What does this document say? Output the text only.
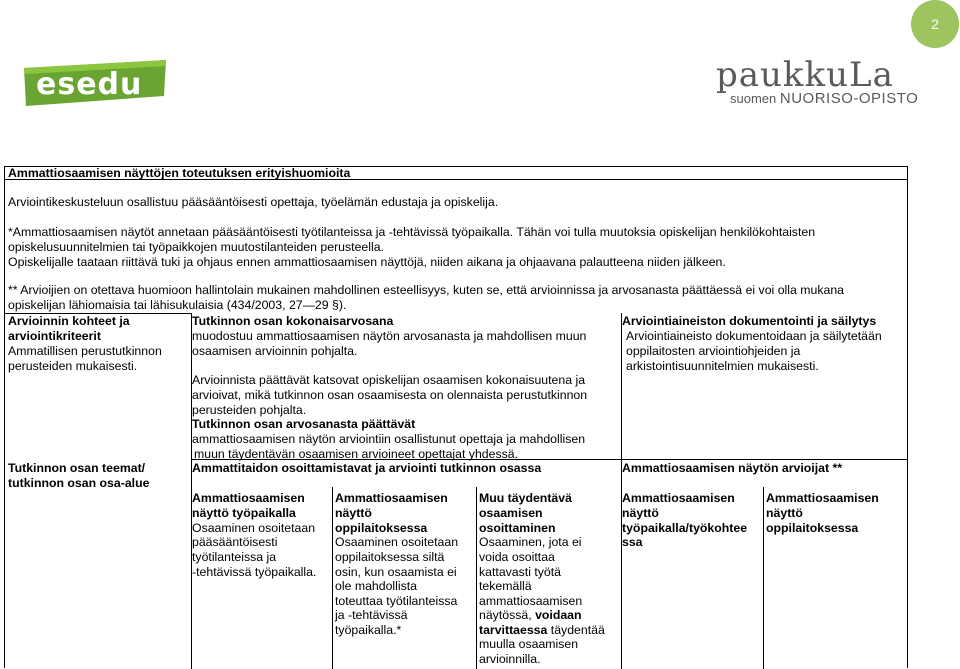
2
esedu	paukkuLa
suomen NUORISO-OPISTO
Ammattiosaamisen näyttöjen toteutuksen erityishuomioita
Arviointikeskusteluun osallistuu pääsääntöisesti opettaja, työelämän edustaja ja opiskelija.
*Ammattiosaamisen näytöt annetaan pääsääntöisesti työtilanteissa ja -tehtävissä työpaikalla. Tähän voi tulla muutoksia opiskelijan henkilökohtaisten
opiskelusuunnitelmien tai työpaikkojen muutostilanteiden perusteella.
Opiskelijalle taataan riittävä tuki ja ohjaus ennen ammattiosaamisen näyttöjä, niiden aikana ja ohjaavana palautteena niiden jälkeen.
** Arvioijien on otettava huomioon hallintolain mukainen mahdollinen esteellisyys, kuten se, että arvioinnissa ja arvosanasta päättäessä ei voi olla mukana
opiskelijan lähiomaisia tai lähisukulaisia (434/2003, 27—29 §).
Arvioinnin kohteet ja
arviointikriteerit
Ammatillisen perustutkinnon
perusteiden mukaisesti.
Tutkinnon osan kokonaisarvosana
muodostuu ammattiosaamisen näytön arvosanasta ja mahdollisen muun
osaamisen arvioinnin pohjalta.
Arvioinnista päättävät katsovat opiskelijan osaamisen kokonaisuutena ja
arvioivat, mikä tutkinnon osan osaamisesta on olennaista perustutkinnon
perusteiden pohjalta.
Tutkinnon osan arvosanasta päättävät
ammattiosaamisen näytön arviointiin osallistunut opettaja ja mahdollisen
muun täydentävän osaamisen arvioineet opettajat yhdessä.
Arviointiaineiston dokumentointi ja säilytys
Arviointiaineisto dokumentoidaan ja säilytetään
oppilaitosten arviointiohjeiden ja
arkistointisuunnitelmien mukaisesti.
Tutkinnon osan teemat/
tutkinnon osan osa-alue
Ammattitaidon osoittamistavat ja arviointi tutkinnon osassa	Ammattiosaamisen näytön arvioijat **
Ammattiosaamisen
näyttö työpaikalla
Osaaminen osoitetaan
pääsääntöisesti
työtilanteissa ja
-tehtävissä työpaikalla.
Ammattiosaamisen
näyttö
oppilaitoksessa
Osaaminen osoitetaan
oppilaitoksessa siltä
osin, kun osaamista ei
ole mahdollista
toteuttaa työtilanteissa
ja -tehtävissä
työpaikalla.*
Muu täydentävä
osaamisen
osoittaminen
Osaaminen, jota ei
voida osoittaa
kattavasti työtä
tekemällä
ammattiosaamisen
näytössä, voidaan
tarvittaessa täydentää
muulla osaamisen
arvioinnilla.
Ammattiosaamisen
näyttö
työpaikalla/työkohtee
ssa
Ammattiosaamisen
näyttö
oppilaitoksessa
